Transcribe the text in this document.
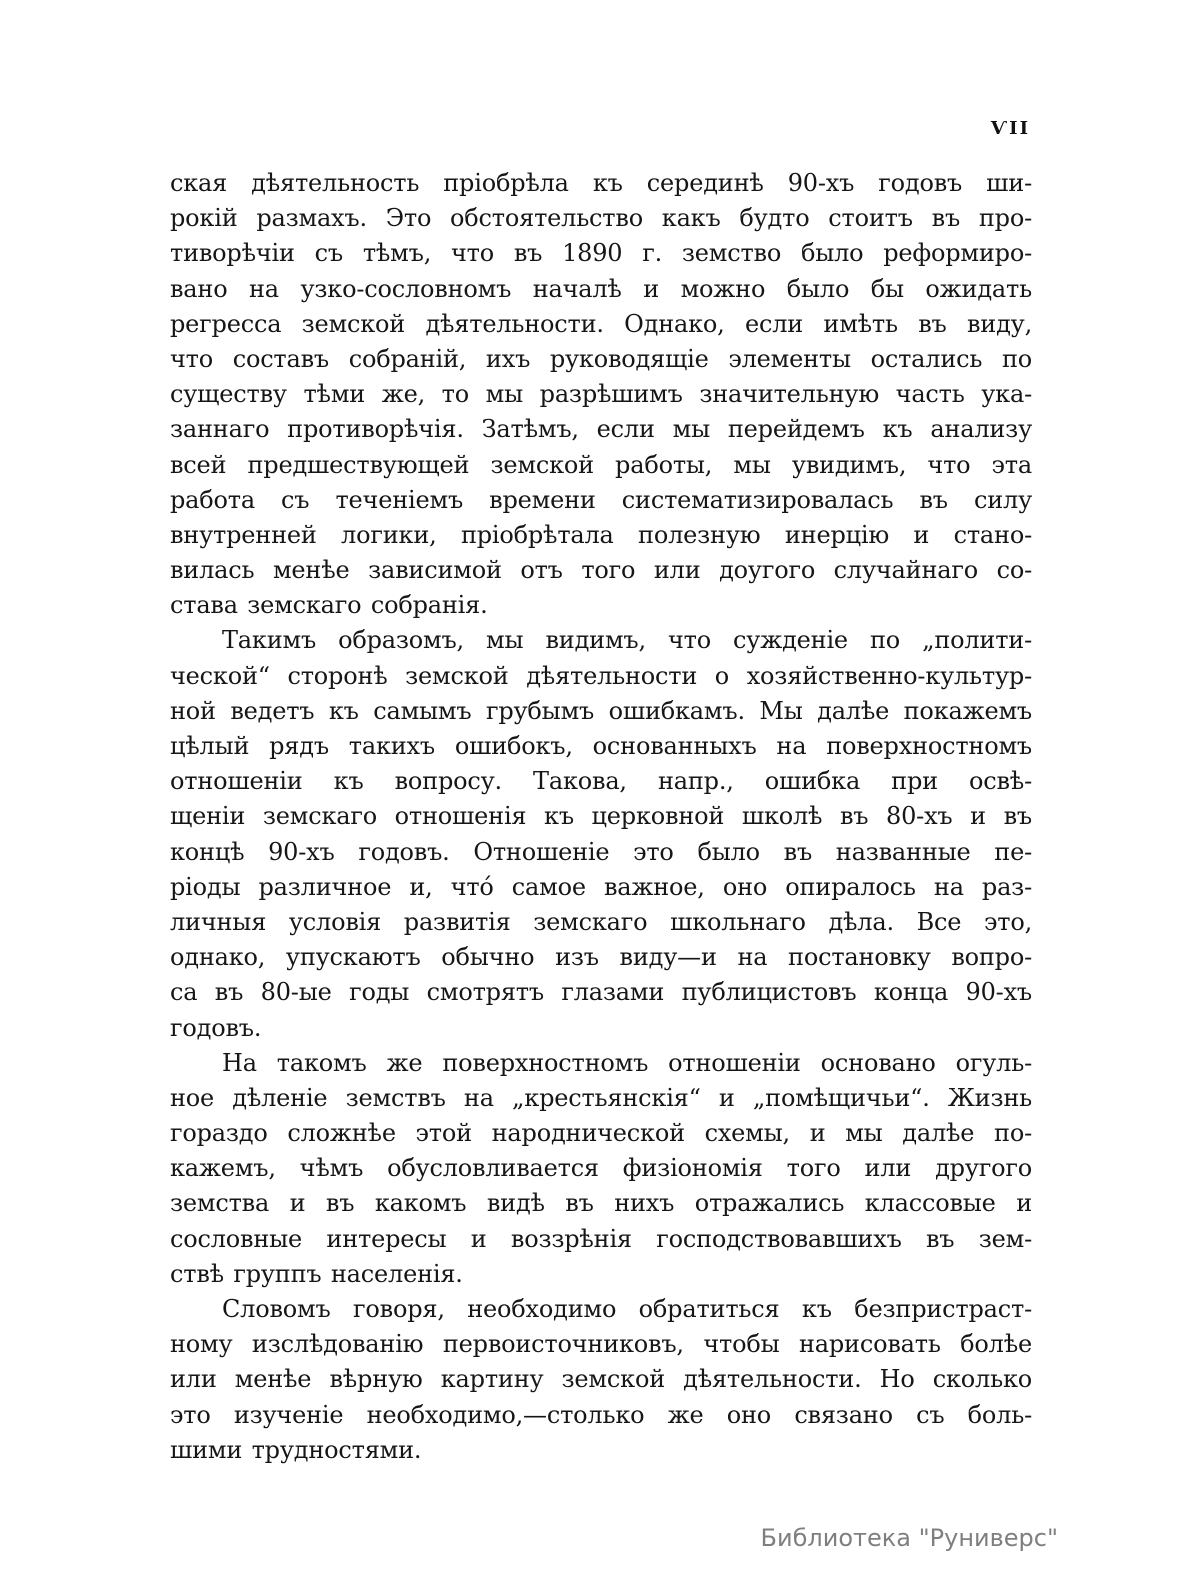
ѴІІ
ская дѣятельность пріобрѣла къ серединѣ 90-хъ годовъ ши-
рокій размахъ. Это обстоятельство какъ будто стоитъ въ про-
тиворѣчіи съ тѣмъ, что въ 1890 г. земство было реформиро-
вано на узко-сословномъ началѣ и можно было бы ожидать
регресса земской дѣятельности. Однако, если имѣть въ виду,
что составъ собраній, ихъ руководящіе элементы остались по
существу тѣми же, то мы разрѣшимъ значительную часть ука-
заннаго противорѣчія. Затѣмъ, если мы перейдемъ къ анализу
всей предшествующей земской работы, мы увидимъ, что эта
работа съ теченіемъ времени систематизировалась въ силу
внутренней логики, пріобрѣтала полезную инерцію и стано-
вилась менѣе зависимой отъ того или доугого случайнаго со-
става земскаго собранія.
Такимъ образомъ, мы видимъ, что сужденіе по „полити-
ческой“ сторонѣ земской дѣятельности о хозяйственно-культур-
ной ведетъ къ самымъ грубымъ ошибкамъ. Мы далѣе покажемъ
цѣлый рядъ такихъ ошибокъ, основанныхъ на поверхностномъ
отношеніи къ вопросу. Такова, напр., ошибка при освѣ-
щеніи земскаго отношенія къ церковной школѣ въ 80-хъ и въ
концѣ 90-хъ годовъ. Отношеніе это было въ названные пе-
ріоды различное и, что́ самое важное, оно опиралось на раз-
личныя условія развитія земскаго школьнаго дѣла. Все это,
однако, упускаютъ обычно изъ виду—и на постановку вопро-
са въ 80-ые годы смотрятъ глазами публицистовъ конца 90-хъ
годовъ.
На такомъ же поверхностномъ отношеніи основано огуль-
ное дѣленіе земствъ на „крестьянскія“ и „помѣщичьи“. Жизнь
гораздо сложнѣе этой народнической схемы, и мы далѣе по-
кажемъ, чѣмъ обусловливается физіономія того или другого
земства и въ какомъ видѣ въ нихъ отражались классовые и
сословные интересы и воззрѣнія господствовавшихъ въ зем-
ствѣ группъ населенія.
Словомъ говоря, необходимо обратиться къ безпристраст-
ному изслѣдованію первоисточниковъ, чтобы нарисовать болѣе
или менѣе вѣрную картину земской дѣятельности. Но сколько
это изученіе необходимо,—столько же оно связано съ боль-
шими трудностями.
Библиотека "Руниверс"
